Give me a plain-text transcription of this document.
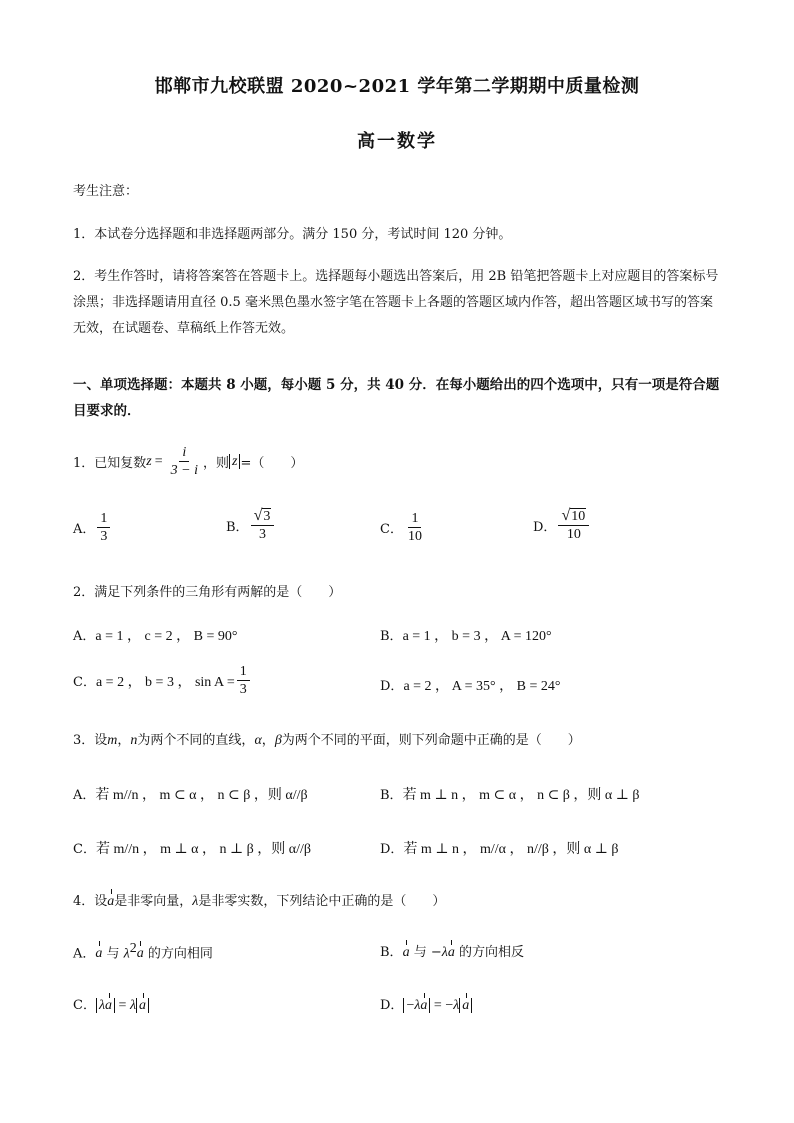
邯郸市九校联盟 2020~2021 学年第二学期期中质量检测
高一数学
考生注意：
1．本试卷分选择题和非选择题两部分。满分 150 分，考试时间 120 分钟。
2．考生作答时，请将答案答在答题卡上。选择题每小题选出答案后，用 2B 铅笔把答题卡上对应题目的答案标号涂黑；非选择题请用直径 0.5 毫米黑色墨水签字笔在答题卡上各题的答题区域内作答，超出答题区域书写的答案无效，在试题卷、草稿纸上作答无效。
一、单项选择题：本题共 8 小题，每小题 5 分，共 40 分．在每小题给出的四个选项中，只有一项是符合题目要求的．
1．已知复数 $z = \frac{i}{3 - i}$ ，则 z =（　　）
A． $\frac{1}{3}$	B． $\frac{√ 3}{3}$	C． $\frac{1}{10}$	D． $\frac{√ 10}{10}$
2．满足下列条件的三角形有两解的是（　　）
A．a = 1 ， c = 2 ， B = 90°	B．a = 1 ， b = 3 ， A = 120°
C． a = 2 ， b = 3 ， $\sin A = \frac{1}{3}$	D．a = 2 ， A = 35° ， B = 24°
3．设m，n为两个不同的直线，α，β为两个不同的平面，则下列命题中正确的是（　　）
A．若 m//n ， m ⊂ α ， n ⊂ β ，则 α//β	B．若 m ⊥ n ， m ⊂ α ， n ⊂ β ，则 α ⊥ β
C．若 m//n ， m ⊥ α ， n ⊥ β ，则 α//β	D．若 m ⊥ n ， m//α ， n//β ，则 α ⊥ β
4．设a是非零向量，λ是非零实数，下列结论中正确的是（　　）
A．a 与 $\lambda^2a$ 的方向相同	B．a 与 −λa 的方向相反
C． λa = λ a	D． −λa = −λ a
